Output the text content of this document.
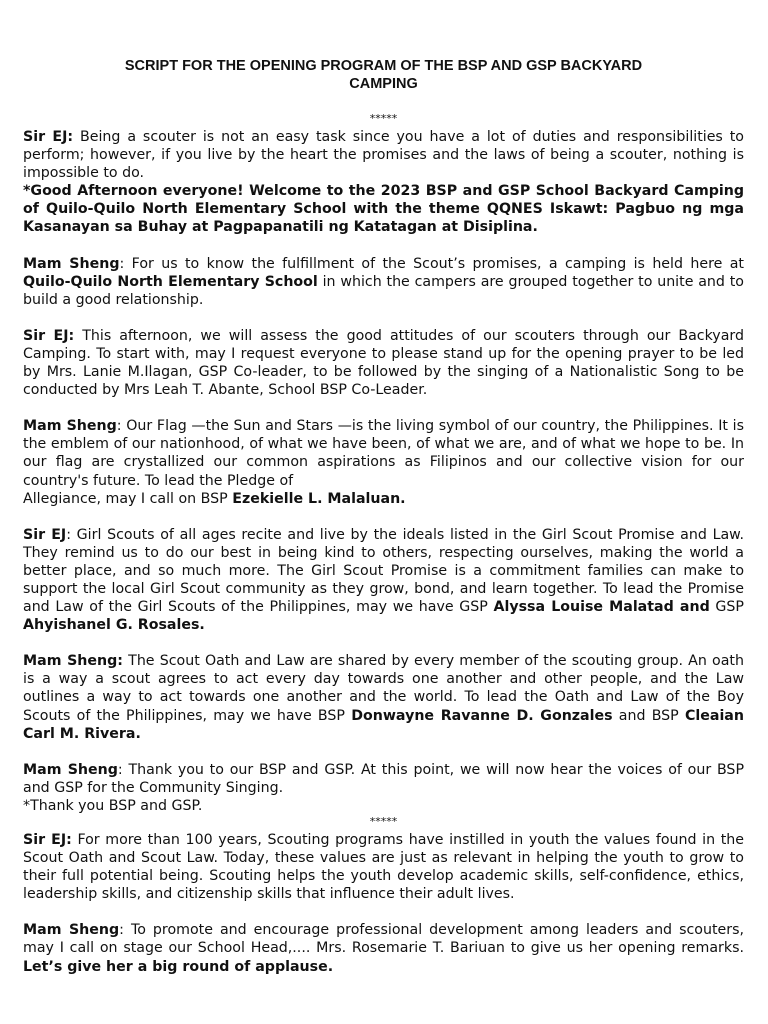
SCRIPT FOR THE OPENING PROGRAM OF THE BSP AND GSP BACKYARD CAMPING
*****

Sir EJ: Being a scouter is not an easy task since you have a lot of duties and responsibilities to perform; however, if you live by the heart the promises and the laws of being a scouter, nothing is impossible to do.

*Good Afternoon everyone! Welcome to the 2023 BSP and GSP School Backyard Camping of Quilo-Quilo North Elementary School with the theme QQNES Iskawt: Pagbuo ng mga Kasanayan sa Buhay at Pagpapanatili ng Katatagan at Disiplina.

Mam Sheng: For us to know the fulfillment of the Scout’s promises, a camping is held here at Quilo-Quilo North Elementary School in which the campers are grouped together to unite and to build a good relationship.

Sir EJ: This afternoon, we will assess the good attitudes of our scouters through our Backyard Camping. To start with, may I request everyone to please stand up for the opening prayer to be led by Mrs. Lanie M.Ilagan, GSP Co-leader, to be followed by the singing of a Nationalistic Song to be conducted by Mrs Leah T. Abante, School BSP Co-Leader.

Mam Sheng: Our Flag —the Sun and Stars —is the living symbol of our country, the Philippines. It is the emblem of our nationhood, of what we have been, of what we are, and of what we hope to be. In our flag are crystallized our common aspirations as Filipinos and our collective vision for our country's future. To lead the Pledge of

Allegiance, may I call on BSP Ezekielle L. Malaluan.

Sir EJ: Girl Scouts of all ages recite and live by the ideals listed in the Girl Scout Promise and Law. They remind us to do our best in being kind to others, respecting ourselves, making the world a better place, and so much more. The Girl Scout Promise is a commitment families can make to support the local Girl Scout community as they grow, bond, and learn together. To lead the Promise and Law of the Girl Scouts of the Philippines, may we have GSP Alyssa Louise Malatad and GSP Ahyishanel G. Rosales.

Mam Sheng: The Scout Oath and Law are shared by every member of the scouting group. An oath is a way a scout agrees to act every day towards one another and other people, and the Law outlines a way to act towards one another and the world. To lead the Oath and Law of the Boy Scouts of the Philippines, may we have BSP Donwayne Ravanne D. Gonzales and BSP Cleaian Carl M. Rivera.

Mam Sheng: Thank you to our BSP and GSP. At this point, we will now hear the voices of our BSP and GSP for the Community Singing.

*Thank you BSP and GSP.

*****

Sir EJ: For more than 100 years, Scouting programs have instilled in youth the values found in the Scout Oath and Scout Law. Today, these values are just as relevant in helping the youth to grow to their full potential being. Scouting helps the youth develop academic skills, self-confidence, ethics, leadership skills, and citizenship skills that influence their adult lives.

Mam Sheng: To promote and encourage professional development among leaders and scouters, may I call on stage our School Head,.... Mrs. Rosemarie T. Bariuan to give us her opening remarks. Let’s give her a big round of applause.
